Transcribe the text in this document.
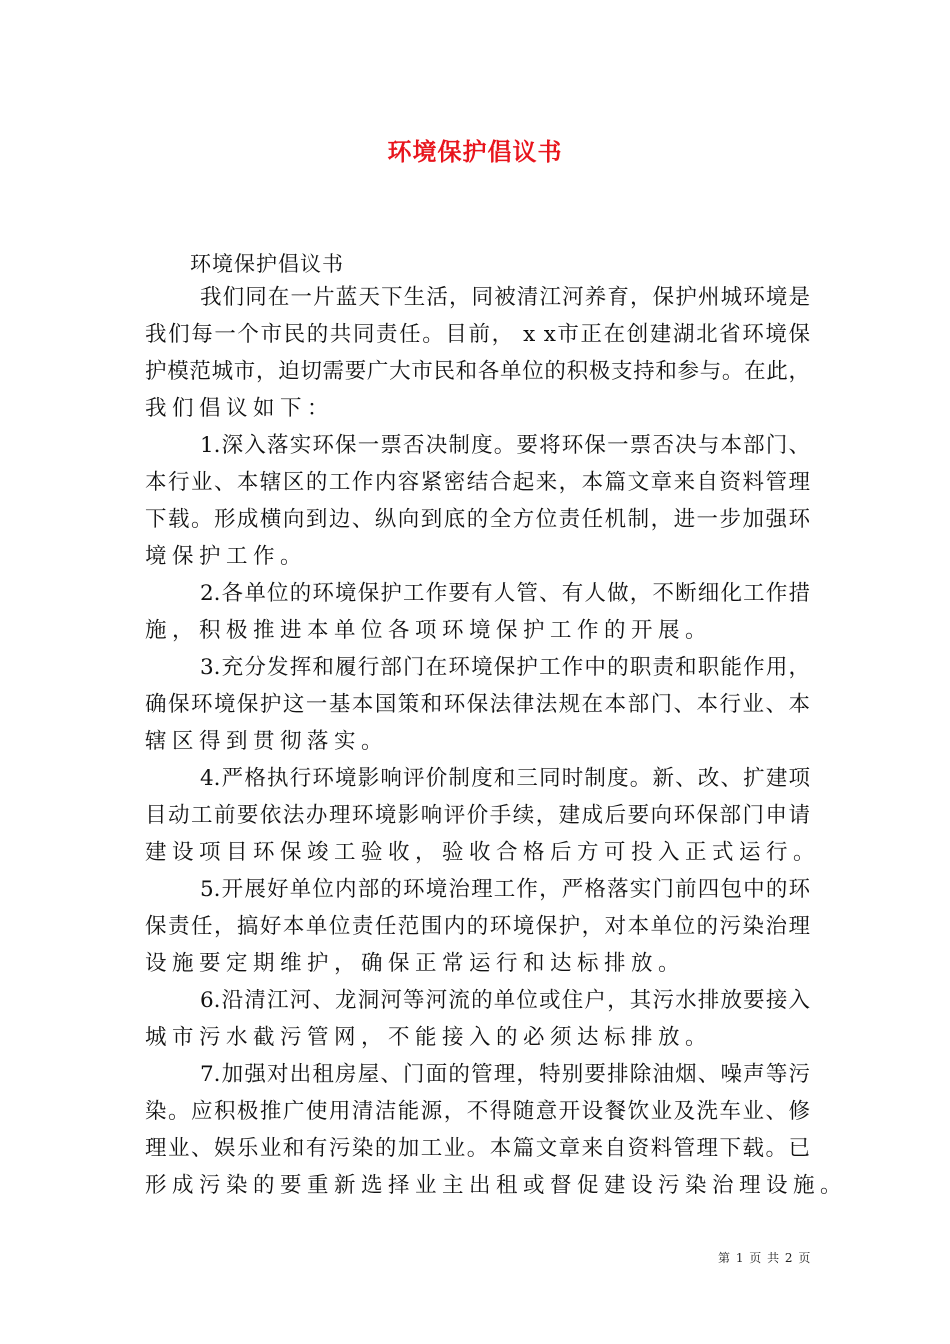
环境保护倡议书
环境保护倡议书
我们同在一片蓝天下生活，同被清江河养育，保护州城环境是
我们每一个市民的共同责任。目前， x x市正在创建湖北省环境保
护模范城市，迫切需要广大市民和各单位的积极支持和参与。在此，
我们倡议如下：
1.深入落实环保一票否决制度。要将环保一票否决与本部门、
本行业、本辖区的工作内容紧密结合起来，本篇文章来自资料管理
下载。形成横向到边、纵向到底的全方位责任机制，进一步加强环
境保护工作。
2.各单位的环境保护工作要有人管、有人做，不断细化工作措
施，积极推进本单位各项环境保护工作的开展。
3.充分发挥和履行部门在环境保护工作中的职责和职能作用，
确保环境保护这一基本国策和环保法律法规在本部门、本行业、本
辖区得到贯彻落实。
4.严格执行环境影响评价制度和三同时制度。新、改、扩建项
目动工前要依法办理环境影响评价手续，建成后要向环保部门申请
建设项目环保竣工验收，验收合格后方可投入正式运行。
5.开展好单位内部的环境治理工作，严格落实门前四包中的环
保责任，搞好本单位责任范围内的环境保护，对本单位的污染治理
设施要定期维护，确保正常运行和达标排放。
6.沿清江河、龙洞河等河流的单位或住户，其污水排放要接入
城市污水截污管网，不能接入的必须达标排放。
7.加强对出租房屋、门面的管理，特别要排除油烟、噪声等污
染。应积极推广使用清洁能源，不得随意开设餐饮业及洗车业、修
理业、娱乐业和有污染的加工业。本篇文章来自资料管理下载。已
形成污染的要重新选择业主出租或督促建设污染治理设施。
第 1 页 共 2 页
